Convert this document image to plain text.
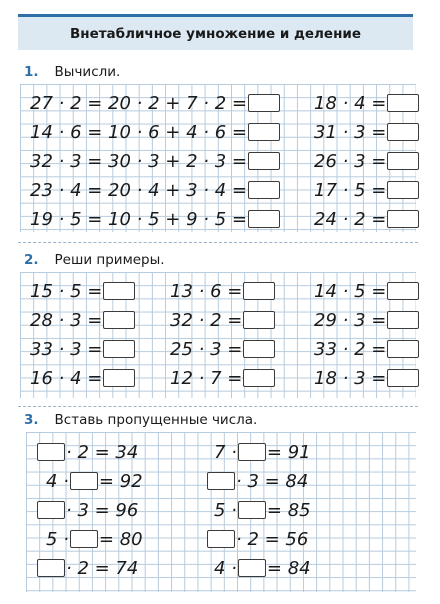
Внетабличное умножение и деление
1. Вычисли.
27 · 2 = 20 · 2 + 7 · 2 =
14 · 6 = 10 · 6 + 4 · 6 =
32 · 3 = 30 · 3 + 2 · 3 =
23 · 4 = 20 · 4 + 3 · 4 =
19 · 5 = 10 · 5 + 9 · 5 =
18 · 4 =
31 · 3 =
26 · 3 =
17 · 5 =
24 · 2 =
2. Реши примеры.
15 · 5 =
28 · 3 =
33 · 3 =
16 · 4 =
13 · 6 =
32 · 2 =
25 · 3 =
12 · 7 =
14 · 5 =
29 · 3 =
33 · 2 =
18 · 3 =
3. Вставь пропущенные числа.
· 2 = 34
4 · = 92
· 3 = 96
5 · = 80
· 2 = 74
7 · = 91
· 3 = 84
5 · = 85
· 2 = 56
4 · = 84
